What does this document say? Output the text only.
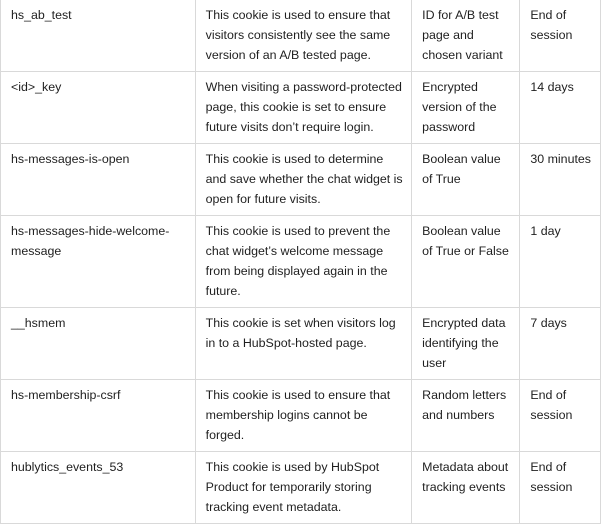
hs_ab_test	This cookie is used to ensure that visitors consistently see the same version of an A/B tested page.	ID for A/B test page and chosen variant	End of session
<id>_key	When visiting a password-protected page, this cookie is set to ensure future visits don’t require login.	Encrypted version of the password	14 days
hs-messages-is-open	This cookie is used to determine and save whether the chat widget is open for future visits.	Boolean value of True	30 minutes
hs-messages-hide-welcome-message	This cookie is used to prevent the chat widget’s welcome message from being displayed again in the future.	Boolean value of True or False	1 day
__hsmem	This cookie is set when visitors log in to a HubSpot-hosted page.	Encrypted data identifying the user	7 days
hs-membership-csrf	This cookie is used to ensure that membership logins cannot be forged.	Random letters and numbers	End of session
hublytics_events_53	This cookie is used by HubSpot Product for temporarily storing tracking event metadata.	Metadata about tracking events	End of session
